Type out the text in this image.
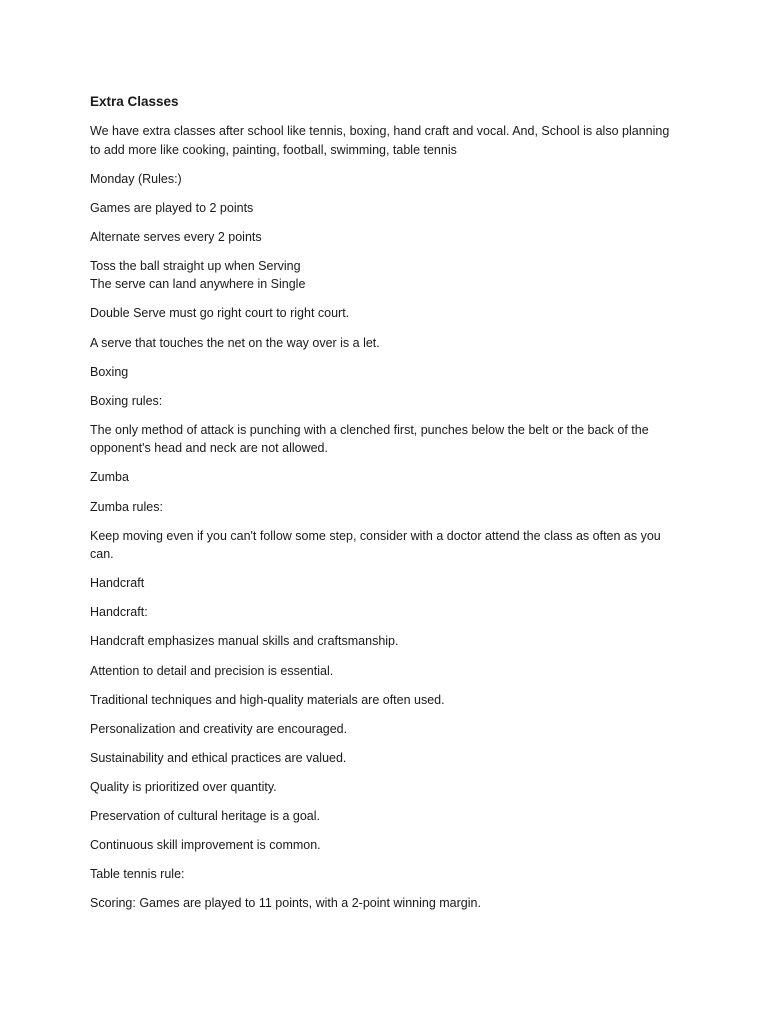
Extra Classes

We have extra classes after school like tennis, boxing, hand craft and vocal. And, School is also planning
to add more like cooking, painting, football, swimming, table tennis

Monday (Rules:)

Games are played to 2 points

Alternate serves every 2 points

Toss the ball straight up when Serving
The serve can land anywhere in Single

Double Serve must go right court to right court.

A serve that touches the net on the way over is a let.

Boxing

Boxing rules:

The only method of attack is punching with a clenched first, punches below the belt or the back of the
opponent's head and neck are not allowed.

Zumba

Zumba rules:

Keep moving even if you can't follow some step, consider with a doctor attend the class as often as you
can.

Handcraft

Handcraft:

Handcraft emphasizes manual skills and craftsmanship.

Attention to detail and precision is essential.

Traditional techniques and high-quality materials are often used.

Personalization and creativity are encouraged.

Sustainability and ethical practices are valued.

Quality is prioritized over quantity.

Preservation of cultural heritage is a goal.

Continuous skill improvement is common.

Table tennis rule:

Scoring: Games are played to 11 points, with a 2-point winning margin.
